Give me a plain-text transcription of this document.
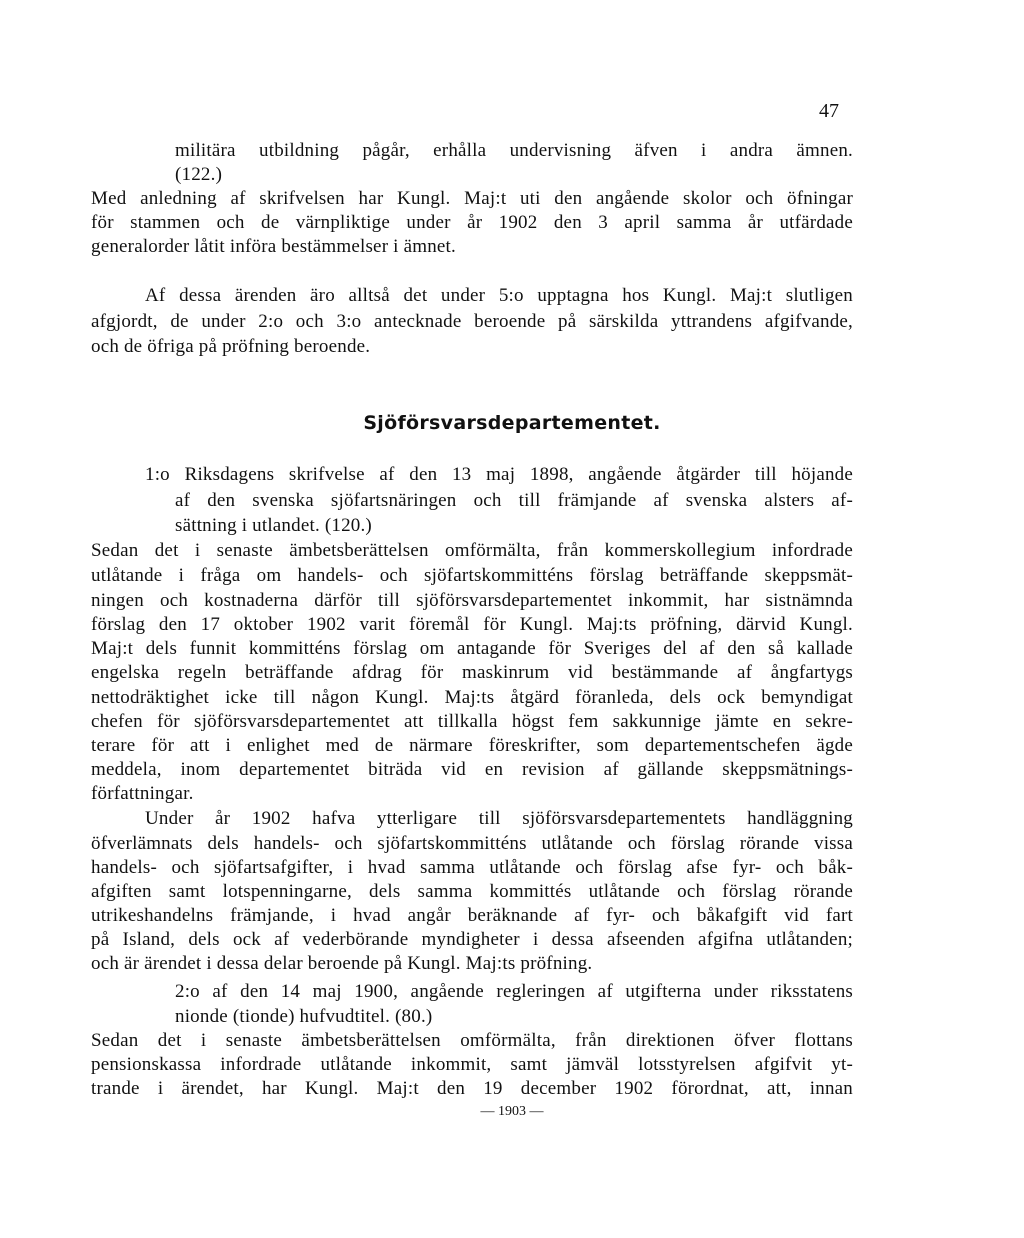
47
militära utbildning pågår, erhålla undervisning äfven i andra ämnen.
(122.)
Med anledning af skrifvelsen har Kungl. Maj:t uti den angående skolor och öfningar
för stammen och de värnpliktige under år 1902 den 3 april samma år utfärdade
generalorder låtit införa bestämmelser i ämnet.
Af dessa ärenden äro alltså det under 5:o upptagna hos Kungl. Maj:t slutligen
afgjordt, de under 2:o och 3:o antecknade beroende på särskilda yttrandens afgifvande,
och de öfriga på pröfning beroende.
Sjöförsvarsdepartementet.
1:o Riksdagens skrifvelse af den 13 maj 1898, angående åtgärder till höjande
af den svenska sjöfartsnäringen och till främjande af svenska alsters af-
sättning i utlandet. (120.)
Sedan det i senaste ämbetsberättelsen omförmälta, från kommerskollegium infordrade
utlåtande i fråga om handels- och sjöfartskommitténs förslag beträffande skeppsmät-
ningen och kostnaderna därför till sjöförsvarsdepartementet inkommit, har sistnämnda
förslag den 17 oktober 1902 varit föremål för Kungl. Maj:ts pröfning, därvid Kungl.
Maj:t dels funnit kommitténs förslag om antagande för Sveriges del af den så kallade
engelska regeln beträffande afdrag för maskinrum vid bestämmande af ångfartygs
nettodräktighet icke till någon Kungl. Maj:ts åtgärd föranleda, dels ock bemyndigat
chefen för sjöförsvarsdepartementet att tillkalla högst fem sakkunnige jämte en sekre-
terare för att i enlighet med de närmare föreskrifter, som departementschefen ägde
meddela, inom departementet biträda vid en revision af gällande skeppsmätnings-
författningar.
Under år 1902 hafva ytterligare till sjöförsvarsdepartementets handläggning
öfverlämnats dels handels- och sjöfartskommitténs utlåtande och förslag rörande vissa
handels- och sjöfartsafgifter, i hvad samma utlåtande och förslag afse fyr- och båk-
afgiften samt lotspenningarne, dels samma kommittés utlåtande och förslag rörande
utrikeshandelns främjande, i hvad angår beräknande af fyr- och båkafgift vid fart
på Island, dels ock af vederbörande myndigheter i dessa afseenden afgifna utlåtanden;
och är ärendet i dessa delar beroende på Kungl. Maj:ts pröfning.
2:o af den 14 maj 1900, angående regleringen af utgifterna under riksstatens
nionde (tionde) hufvudtitel. (80.)
Sedan det i senaste ämbetsberättelsen omförmälta, från direktionen öfver flottans
pensionskassa infordrade utlåtande inkommit, samt jämväl lotsstyrelsen afgifvit yt-
trande i ärendet, har Kungl. Maj:t den 19 december 1902 förordnat, att, innan
— 1903 —
